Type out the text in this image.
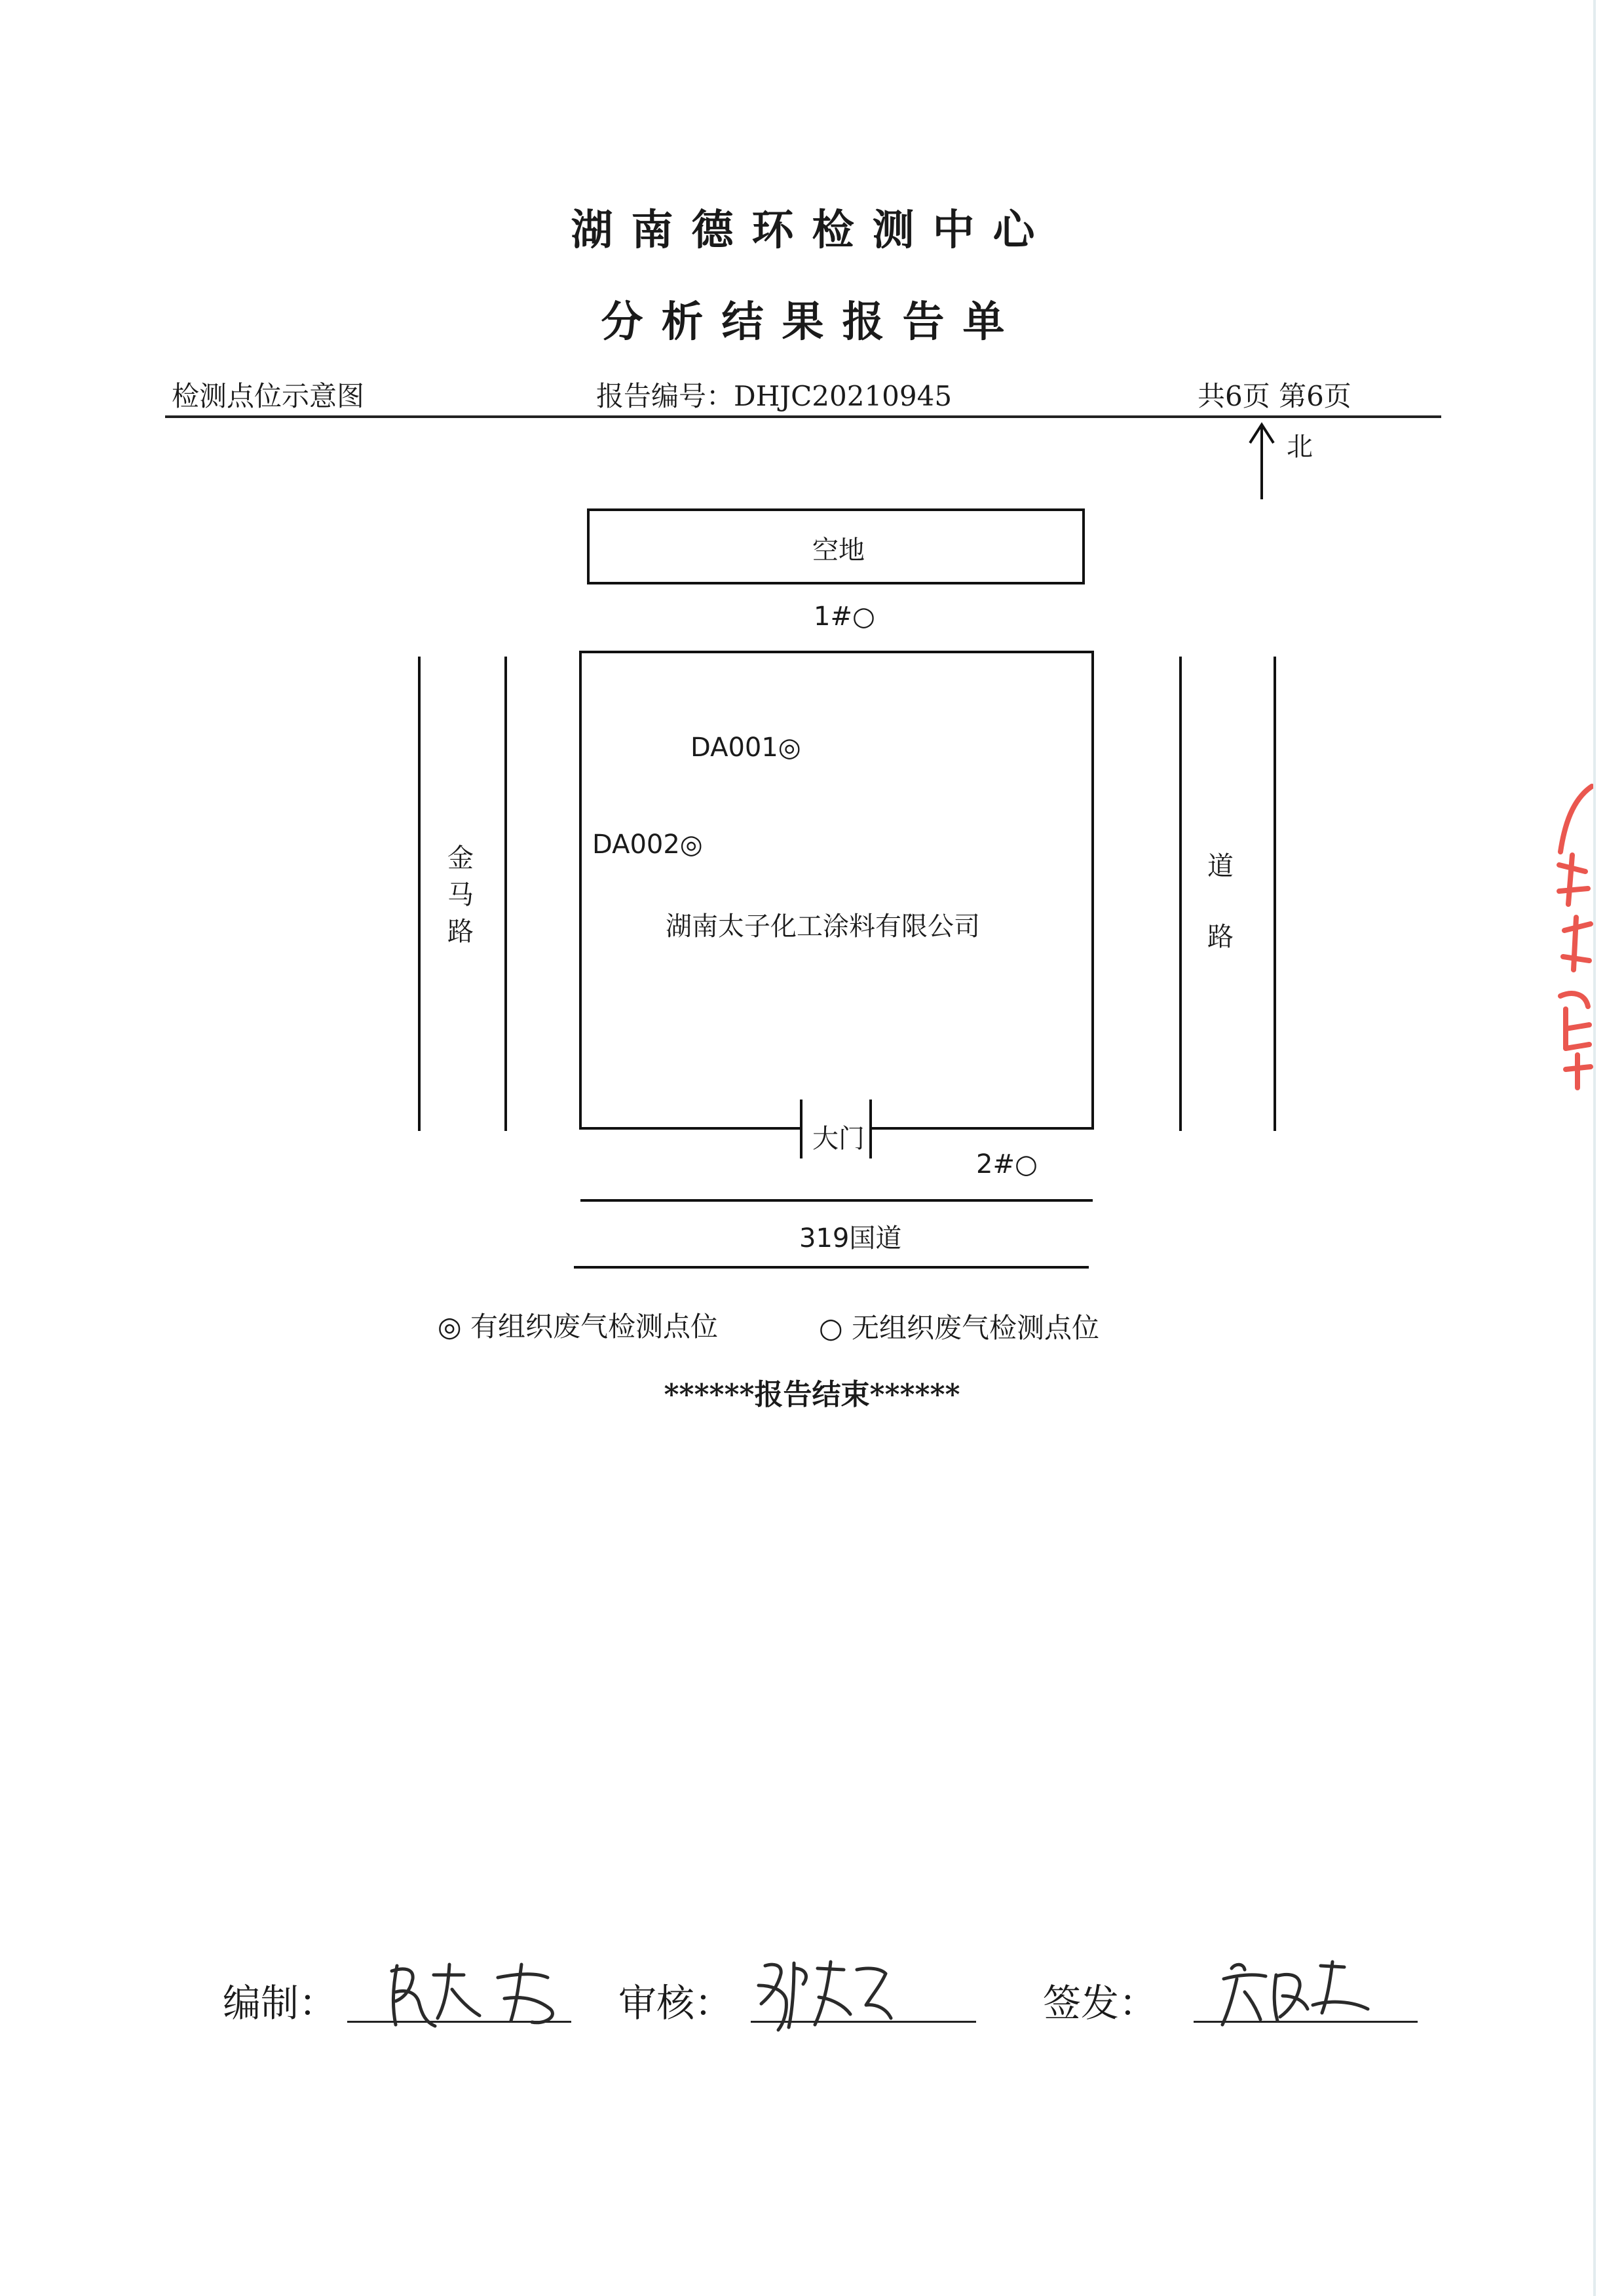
湖南德环检测中心
分析结果报告单
检测点位示意图	报告编号：DHJC20210945	共6页 第6页
北
空地
1#○
DA001◎
DA002◎
湖南太子化工涂料有限公司
大门
2#○
319国道
金
马
路
道
路
◎ 有组织废气检测点位	○ 无组织废气检测点位
******报告结束******
编制：	审核：	签发：
